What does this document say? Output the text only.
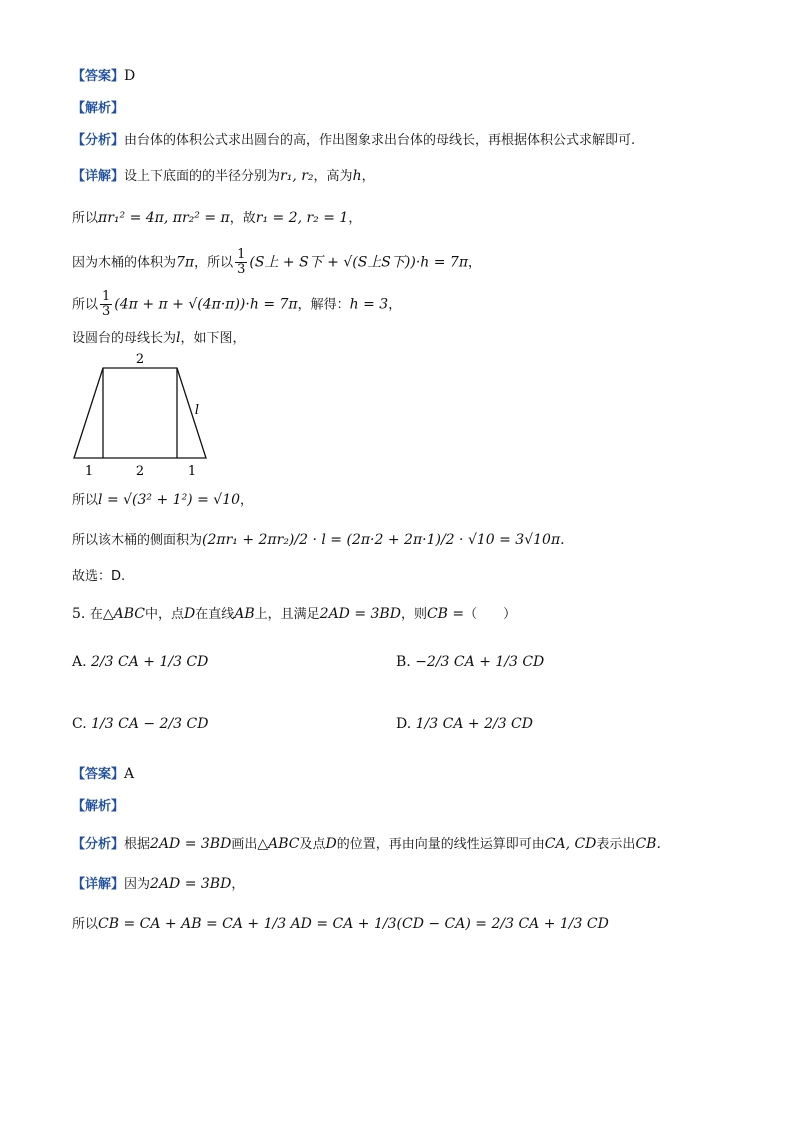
【答案】D
【解析】
【分析】由台体的体积公式求出圆台的高，作出图象求出台体的母线长，再根据体积公式求解即可.
【详解】设上下底面的的半径分别为r₁, r₂，高为h，
所以πr₁² = 4π, πr₂² = π，故r₁ = 2, r₂ = 1，
因为木桶的体积为7π，所以 $\frac{1}{3} (S$上 + S下 + √(S上S下))·h = 7π，
所以 $\frac{1}{3} (4\pi + \pi + √(4\pi\cdot\pi))\cdot h = 7\pi$，解得：h = 3，
设圆台的母线长为l，如下图，
2
l
1	2	1
所以l = √(3² + 1²) = √10，
所以该木桶的侧面积为(2πr₁ + 2πr₂)/2 · l = (2π·2 + 2π·1)/2 · √10 = 3√10π.
故选：D.
5. 在△ABC中，点D在直线AB上，且满足2AD = 3BD，则CB =（　　）
A. 2/3 CA + 1/3 CD	B. −2/3 CA + 1/3 CD
C. 1/3 CA − 2/3 CD	D. 1/3 CA + 2/3 CD
【答案】A
【解析】
【分析】根据2AD = 3BD画出△ABC及点D的位置，再由向量的线性运算即可由CA, CD表示出CB.
【详解】因为2AD = 3BD，
所以CB = CA + AB = CA + 1/3 AD = CA + 1/3(CD − CA) = 2/3 CA + 1/3 CD
